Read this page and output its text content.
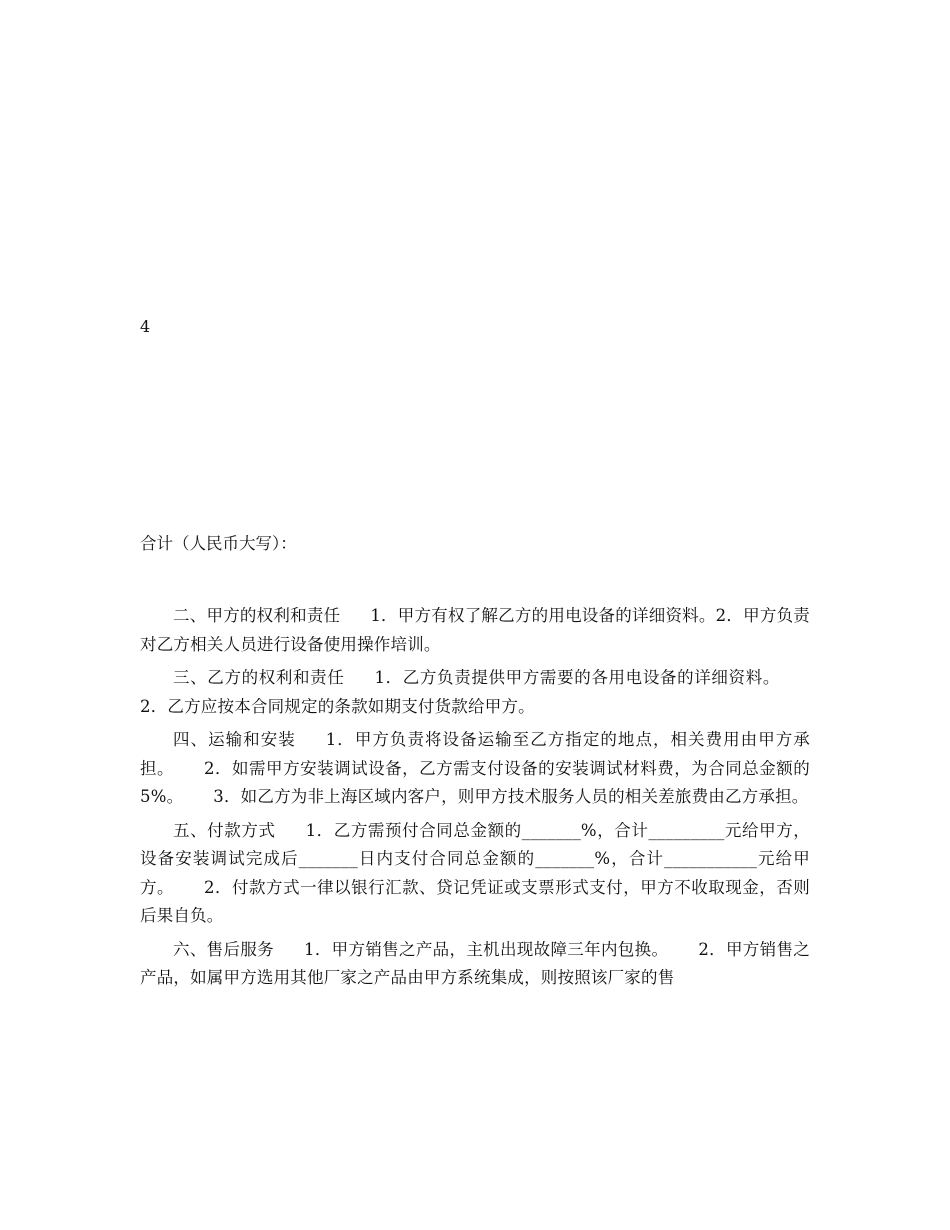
4
合计（人民币大写）：

二、甲方的权利和责任 1．甲方有权了解乙方的用电设备的详细资料。2．甲方负责对乙方相关人员进行设备使用操作培训。

三、乙方的权利和责任 1．乙方负责提供甲方需要的各用电设备的详细资料。2．乙方应按本合同规定的条款如期支付货款给甲方。

四、运输和安装 1．甲方负责将设备运输至乙方指定的地点，相关费用由甲方承担。 2．如需甲方安装调试设备，乙方需支付设备的安装调试材料费，为合同总金额的5%。 3．如乙方为非上海区域内客户，则甲方技术服务人员的相关差旅费由乙方承担。

五、付款方式 1．乙方需预付合同总金额的_______%，合计_________元给甲方，设备安装调试完成后_______日内支付合同总金额的_______%，合计___________元给甲方。 2．付款方式一律以银行汇款、贷记凭证或支票形式支付，甲方不收取现金，否则后果自负。

六、售后服务 1．甲方销售之产品，主机出现故障三年内包换。 2．甲方销售之产品，如属甲方选用其他厂家之产品由甲方系统集成，则按照该厂家的售
